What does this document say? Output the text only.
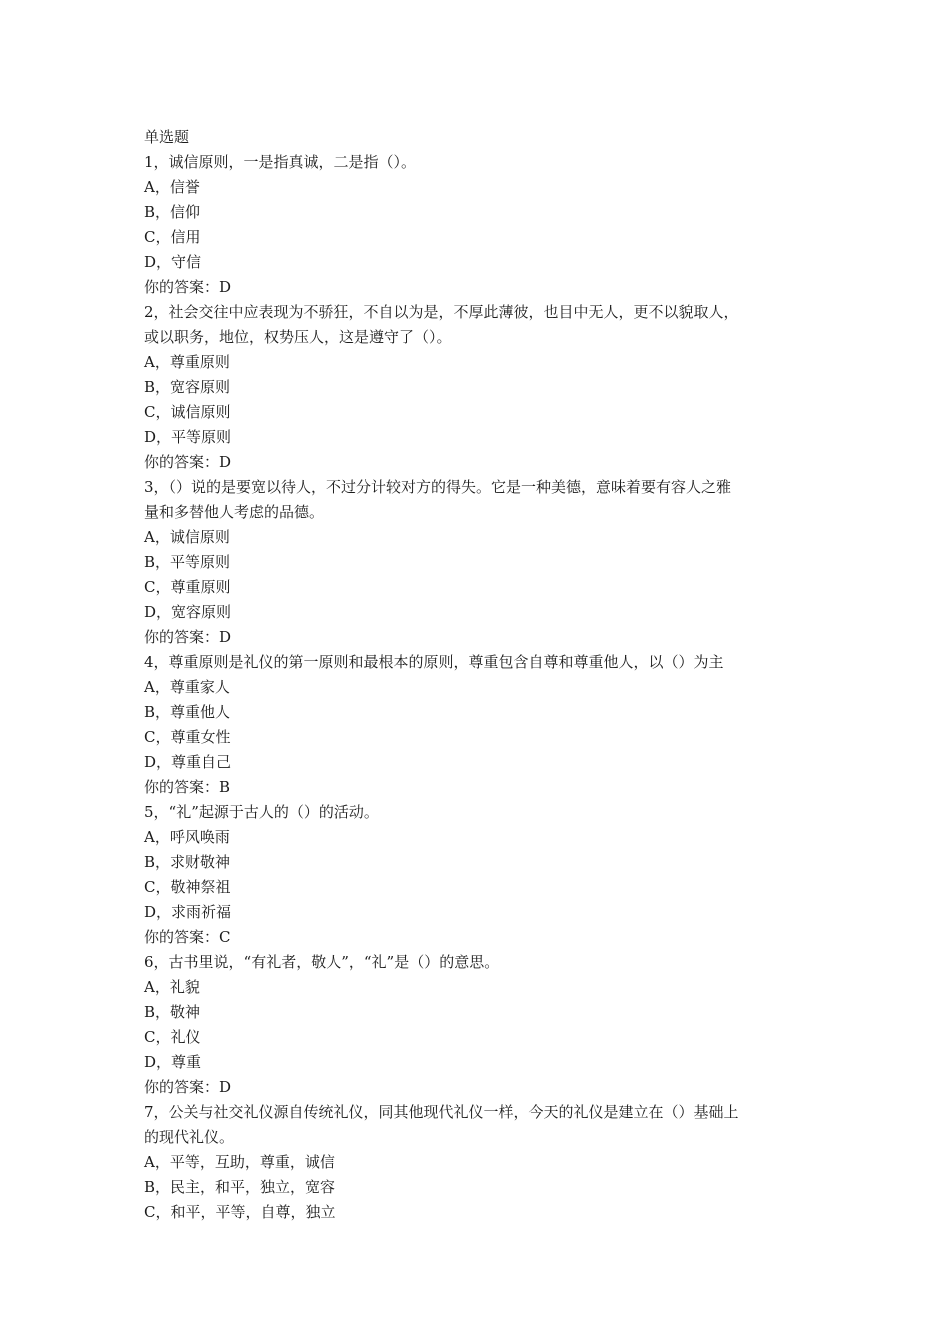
单选题
1，诚信原则，一是指真诚，二是指（）。
A，信誉
B，信仰
C，信用
D，守信
你的答案：D
2，社会交往中应表现为不骄狂，不自以为是，不厚此薄彼，也目中无人，更不以貌取人，
或以职务，地位，权势压人，这是遵守了（）。
A，尊重原则
B，宽容原则
C，诚信原则
D，平等原则
你的答案：D
3，（）说的是要宽以待人，不过分计较对方的得失。它是一种美德，意味着要有容人之雅
量和多替他人考虑的品德。
A，诚信原则
B，平等原则
C，尊重原则
D，宽容原则
你的答案：D
4，尊重原则是礼仪的第一原则和最根本的原则，尊重包含自尊和尊重他人，以（）为主
A，尊重家人
B，尊重他人
C，尊重女性
D，尊重自己
你的答案：B
5，“礼”起源于古人的（）的活动。
A，呼风唤雨
B，求财敬神
C，敬神祭祖
D，求雨祈福
你的答案：C
6，古书里说，“有礼者，敬人”，“礼”是（）的意思。
A，礼貌
B，敬神
C，礼仪
D，尊重
你的答案：D
7，公关与社交礼仪源自传统礼仪，同其他现代礼仪一样，今天的礼仪是建立在（）基础上
的现代礼仪。
A，平等，互助，尊重，诚信
B，民主，和平，独立，宽容
C，和平，平等，自尊，独立
